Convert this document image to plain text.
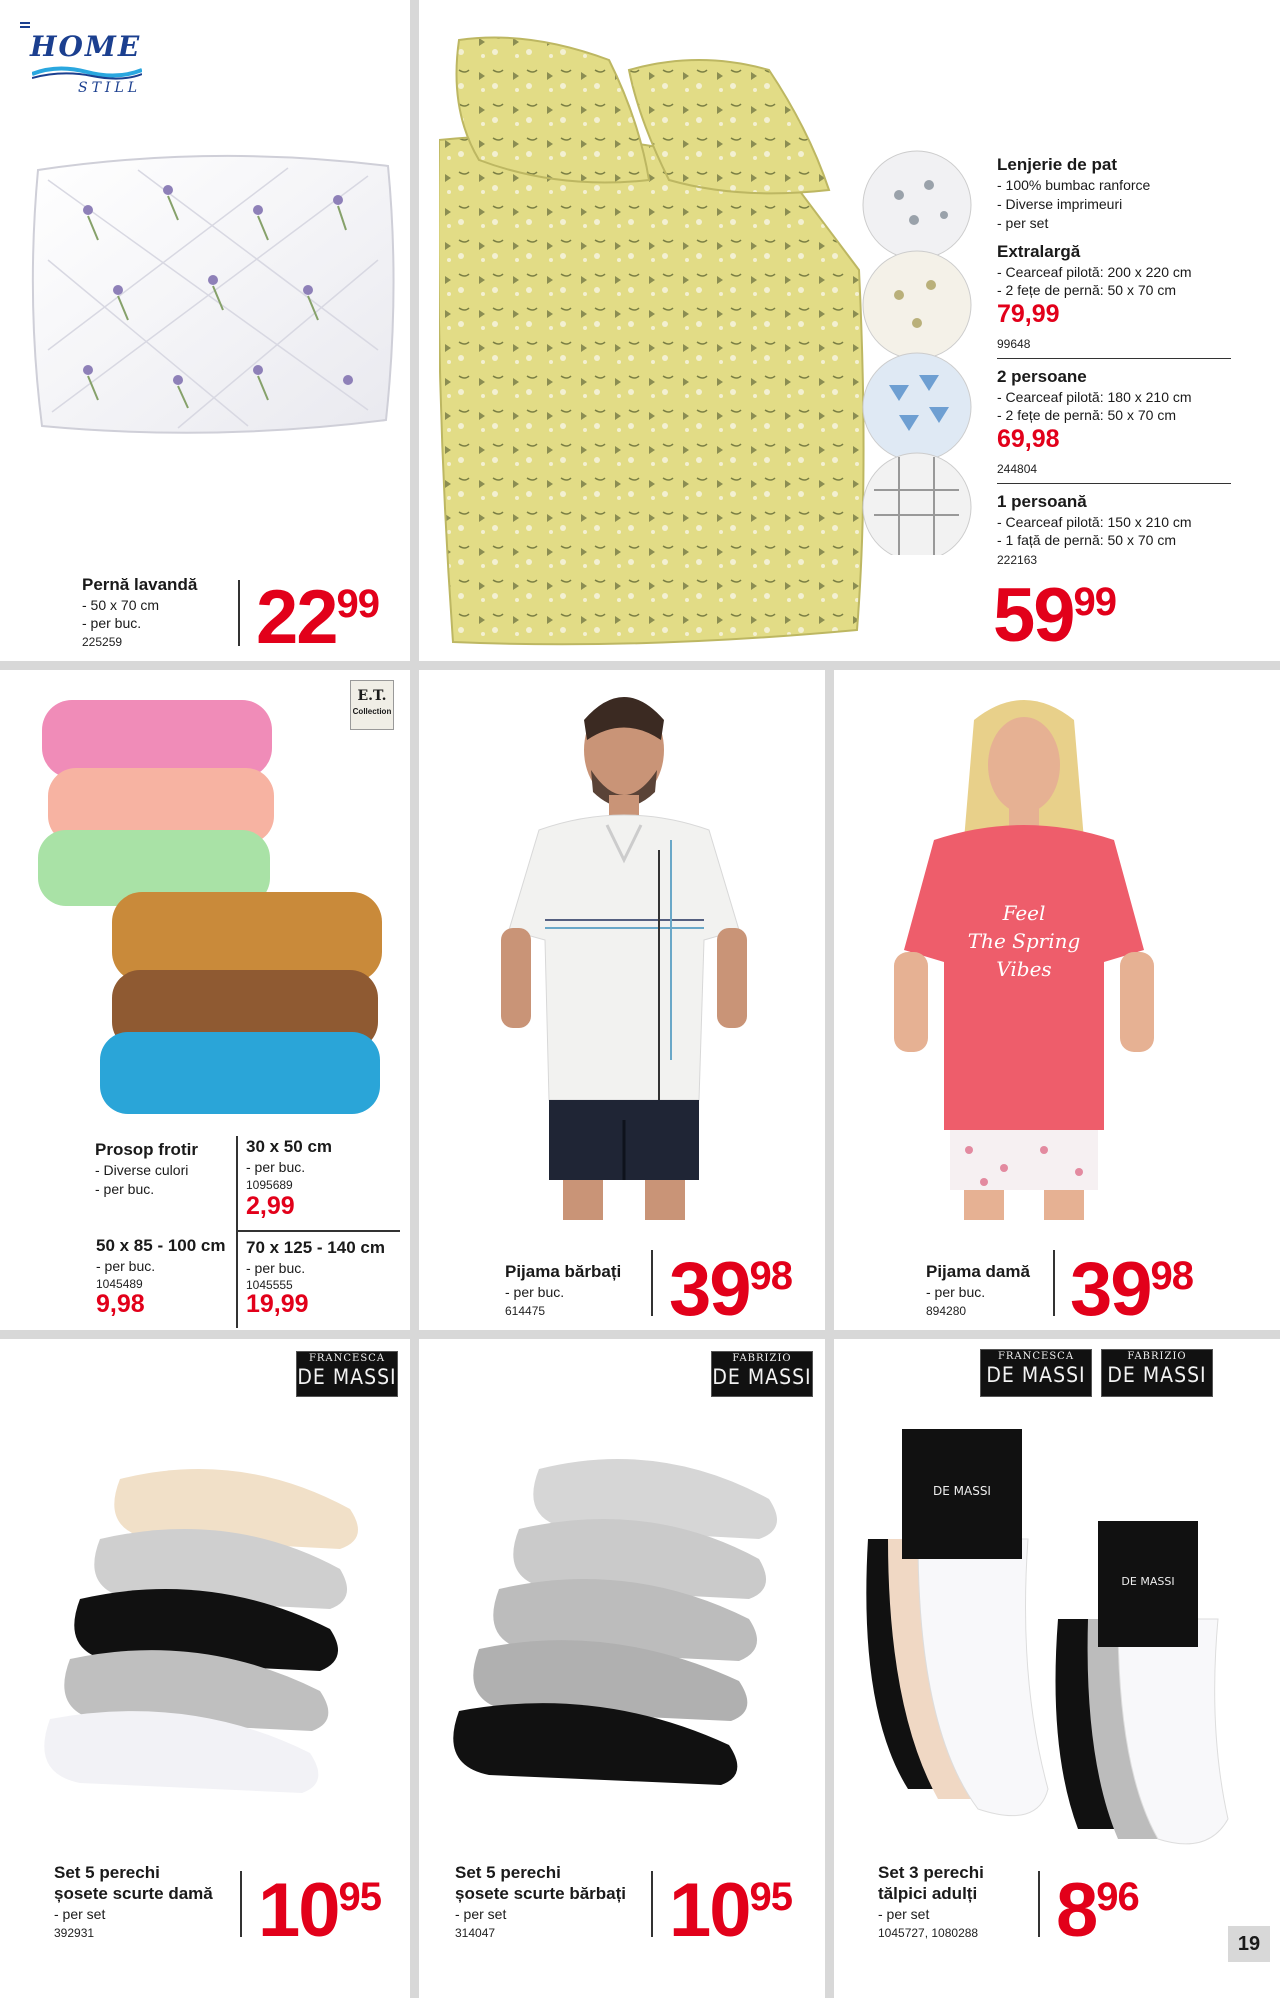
HOME
STILL
Pernă lavandă
- 50 x 70 cm
- per buc.
225259 2299
Lenjerie de pat
- 100% bumbac ranforce
- Diverse imprimeuri
- per set
Extralargă
- Cearceaf pilotă: 200 x 220 cm
- 2 fețe de pernă: 50 x 70 cm
79,99
99648
2 persoane
- Cearceaf pilotă: 180 x 210 cm
- 2 fețe de pernă: 50 x 70 cm
69,98
244804
1 persoană
- Cearceaf pilotă: 150 x 210 cm
- 1 față de pernă: 50 x 70 cm
222163
5999
E.T.
Collection
Prosop frotir
- Diverse culori
- per buc.
30 x 50 cm
- per buc.
1095689
2,99
50 x 85 - 100 cm
- per buc.
1045489
9,98
70 x 125 - 140 cm
- per buc.
1045555
19,99
Pijama bărbați
- per buc.
614475 3998
Feel
The Spring
Vibes
Pijama damă
- per buc.
894280 3998
FRANCESCA
DE MASSI
Set 5 perechi
șosete scurte damă
- per set
392931 1095
FABRIZIO
DE MASSI
Set 5 perechi
șosete scurte bărbați
- per set
314047 1095
FRANCESCA
DE MASSI
FABRIZIO
DE MASSI
DE MASSI
DE MASSI
Set 3 perechi
tălpici adulți
- per set
1045727, 1080288 896
19
